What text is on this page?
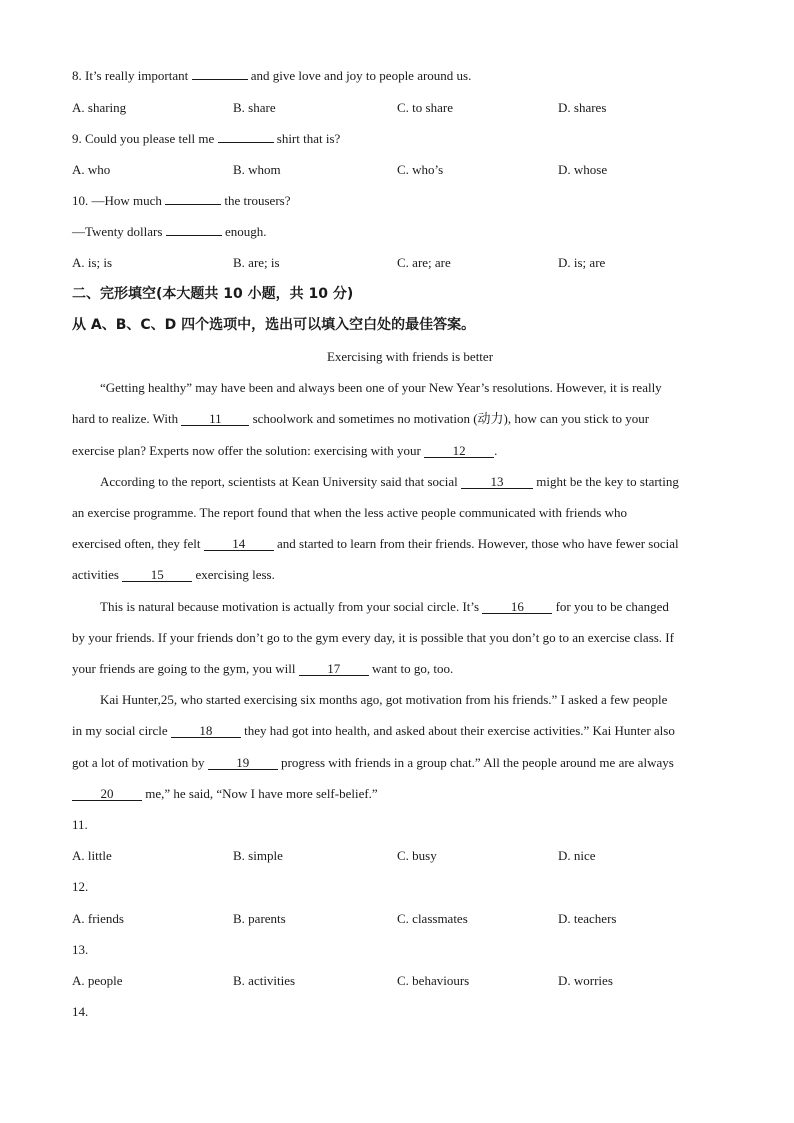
8. It’s really important	and give love and joy to people around us.
A. sharing	B. share	C. to share	D. shares
9. Could you please tell me	shirt that is?
A. who	B. whom	C. who’s	D. whose
10. —How much	the trousers?
—Twenty dollars	enough.
A. is; is	B. are; is	C. are; are	D. is; are
二、完形填空(本大题共 10 小题，共 10 分)
从 A、B、C、D 四个选项中，选出可以填入空白处的最佳答案。
Exercising with friends is better
“Getting healthy” may have been and always been one of your New Year’s resolutions. However, it is really
hard to realize. With 11 schoolwork and sometimes no motivation (动力), how can you stick to your
exercise plan? Experts now offer the solution: exercising with your 12 .
According to the report, scientists at Kean University said that social 13 might be the key to starting
an exercise programme. The report found that when the less active people communicated with friends who
exercised often, they felt 14 and started to learn from their friends. However, those who have fewer social
activities 15 exercising less.
This is natural because motivation is actually from your social circle. It’s 16 for you to be changed
by your friends. If your friends don’t go to the gym every day, it is possible that you don’t go to an exercise class. If
your friends are going to the gym, you will 17 want to go, too.
Kai Hunter,25, who started exercising six months ago, got motivation from his friends.” I asked a few people
in my social circle 18 they had got into health, and asked about their exercise activities.” Kai Hunter also
got a lot of motivation by 19 progress with friends in a group chat.” All the people around me are always
20 me,” he said, “Now I have more self-belief.”
11.
A. little	B. simple	C. busy	D. nice
12.
A. friends	B. parents	C. classmates	D. teachers
13.
A. people	B. activities	C. behaviours	D. worries
14.
